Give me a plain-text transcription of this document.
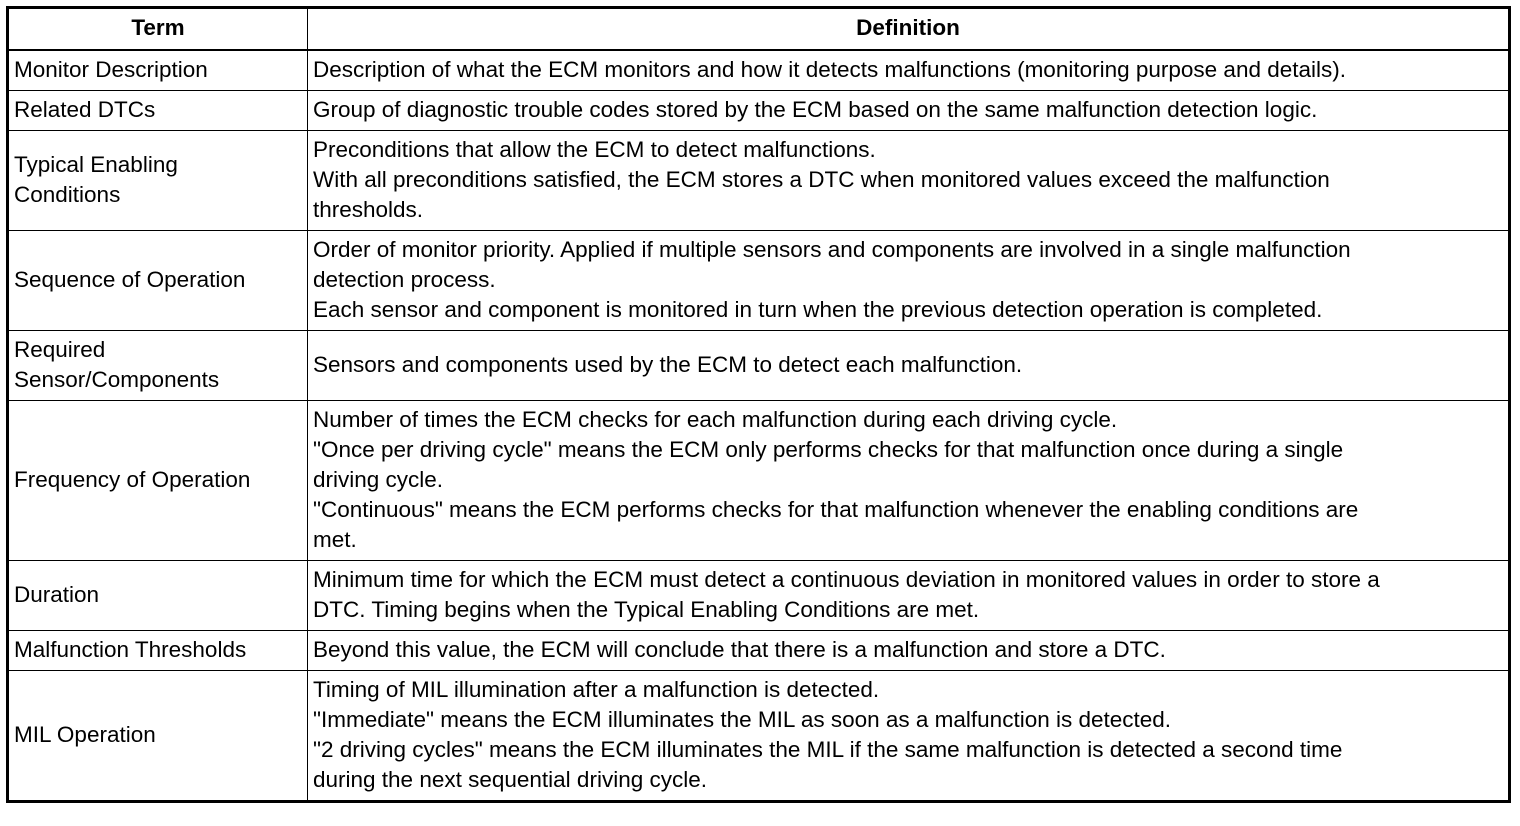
Term	Definition

Monitor Description	Description of what the ECM monitors and how it detects malfunctions (monitoring purpose and details).

Related DTCs	Group of diagnostic trouble codes stored by the ECM based on the same malfunction detection logic.

Typical Enabling
Conditions	Preconditions that allow the ECM to detect malfunctions.
With all preconditions satisfied, the ECM stores a DTC when monitored values exceed the malfunction
thresholds.

Sequence of Operation	Order of monitor priority. Applied if multiple sensors and components are involved in a single malfunction
detection process.
Each sensor and component is monitored in turn when the previous detection operation is completed.

Required
Sensor/Components	Sensors and components used by the ECM to detect each malfunction.

Frequency of Operation	Number of times the ECM checks for each malfunction during each driving cycle.
"Once per driving cycle" means the ECM only performs checks for that malfunction once during a single
driving cycle.
"Continuous" means the ECM performs checks for that malfunction whenever the enabling conditions are
met.

Duration	Minimum time for which the ECM must detect a continuous deviation in monitored values in order to store a
DTC. Timing begins when the Typical Enabling Conditions are met.

Malfunction Thresholds	Beyond this value, the ECM will conclude that there is a malfunction and store a DTC.

MIL Operation	Timing of MIL illumination after a malfunction is detected.
"Immediate" means the ECM illuminates the MIL as soon as a malfunction is detected.
"2 driving cycles" means the ECM illuminates the MIL if the same malfunction is detected a second time
during the next sequential driving cycle.
